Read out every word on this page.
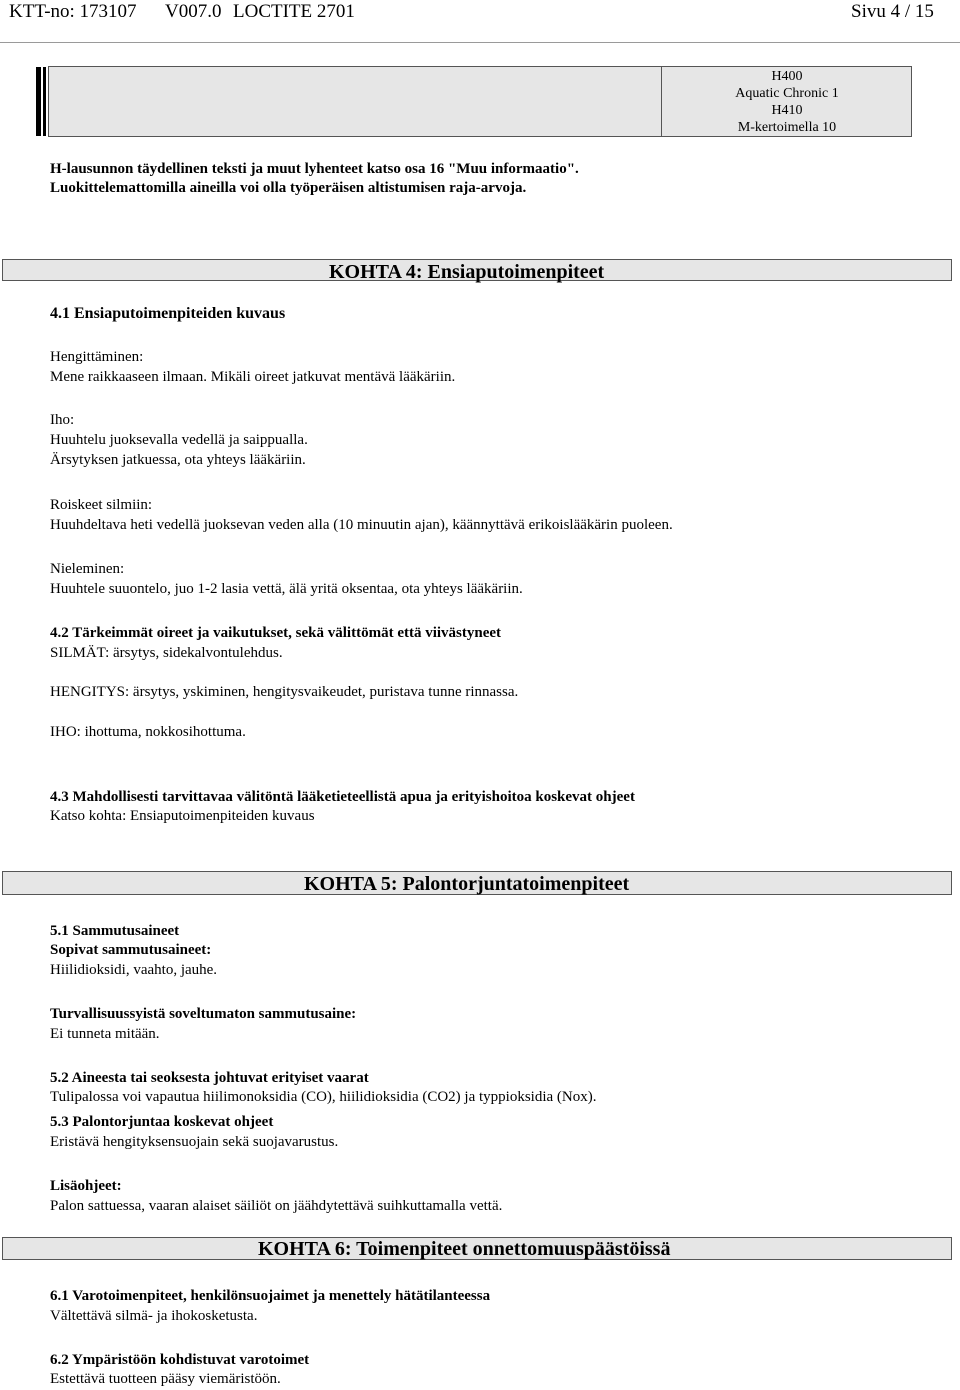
KTT-no: 173107 V007.0 LOCTITE 2701	Sivu 4 / 15
H400
Aquatic Chronic 1
H410
M-kertoimella 10
H-lausunnon täydellinen teksti ja muut lyhenteet katso osa 16 "Muu informaatio".
Luokittelemattomilla aineilla voi olla työperäisen altistumisen raja-arvoja.
KOHTA 4: Ensiaputoimenpiteet
4.1 Ensiaputoimenpiteiden kuvaus
Hengittäminen:
Mene raikkaaseen ilmaan. Mikäli oireet jatkuvat mentävä lääkäriin.
Iho:
Huuhtelu juoksevalla vedellä ja saippualla.
Ärsytyksen jatkuessa, ota yhteys lääkäriin.
Roiskeet silmiin:
Huuhdeltava heti vedellä juoksevan veden alla (10 minuutin ajan), käännyttävä erikoislääkärin puoleen.
Nieleminen:
Huuhtele suuontelo, juo 1-2 lasia vettä, älä yritä oksentaa, ota yhteys lääkäriin.
4.2 Tärkeimmät oireet ja vaikutukset, sekä välittömät että viivästyneet
SILMÄT: ärsytys, sidekalvontulehdus.
HENGITYS: ärsytys, yskiminen, hengitysvaikeudet, puristava tunne rinnassa.
IHO: ihottuma, nokkosihottuma.
4.3 Mahdollisesti tarvittavaa välitöntä lääketieteellistä apua ja erityishoitoa koskevat ohjeet
Katso kohta: Ensiaputoimenpiteiden kuvaus
KOHTA 5: Palontorjuntatoimenpiteet
5.1 Sammutusaineet
Sopivat sammutusaineet:
Hiilidioksidi, vaahto, jauhe.
Turvallisuussyistä soveltumaton sammutusaine:
Ei tunneta mitään.
5.2 Aineesta tai seoksesta johtuvat erityiset vaarat
Tulipalossa voi vapautua hiilimonoksidia (CO), hiilidioksidia (CO2) ja typpioksidia (Nox).
5.3 Palontorjuntaa koskevat ohjeet
Eristävä hengityksensuojain sekä suojavarustus.
Lisäohjeet:
Palon sattuessa, vaaran alaiset säiliöt on jäähdytettävä suihkuttamalla vettä.
KOHTA 6: Toimenpiteet onnettomuuspäästöissä
6.1 Varotoimenpiteet, henkilönsuojaimet ja menettely hätätilanteessa
Vältettävä silmä- ja ihokosketusta.
6.2 Ympäristöön kohdistuvat varotoimet
Estettävä tuotteen pääsy viemäristöön.
